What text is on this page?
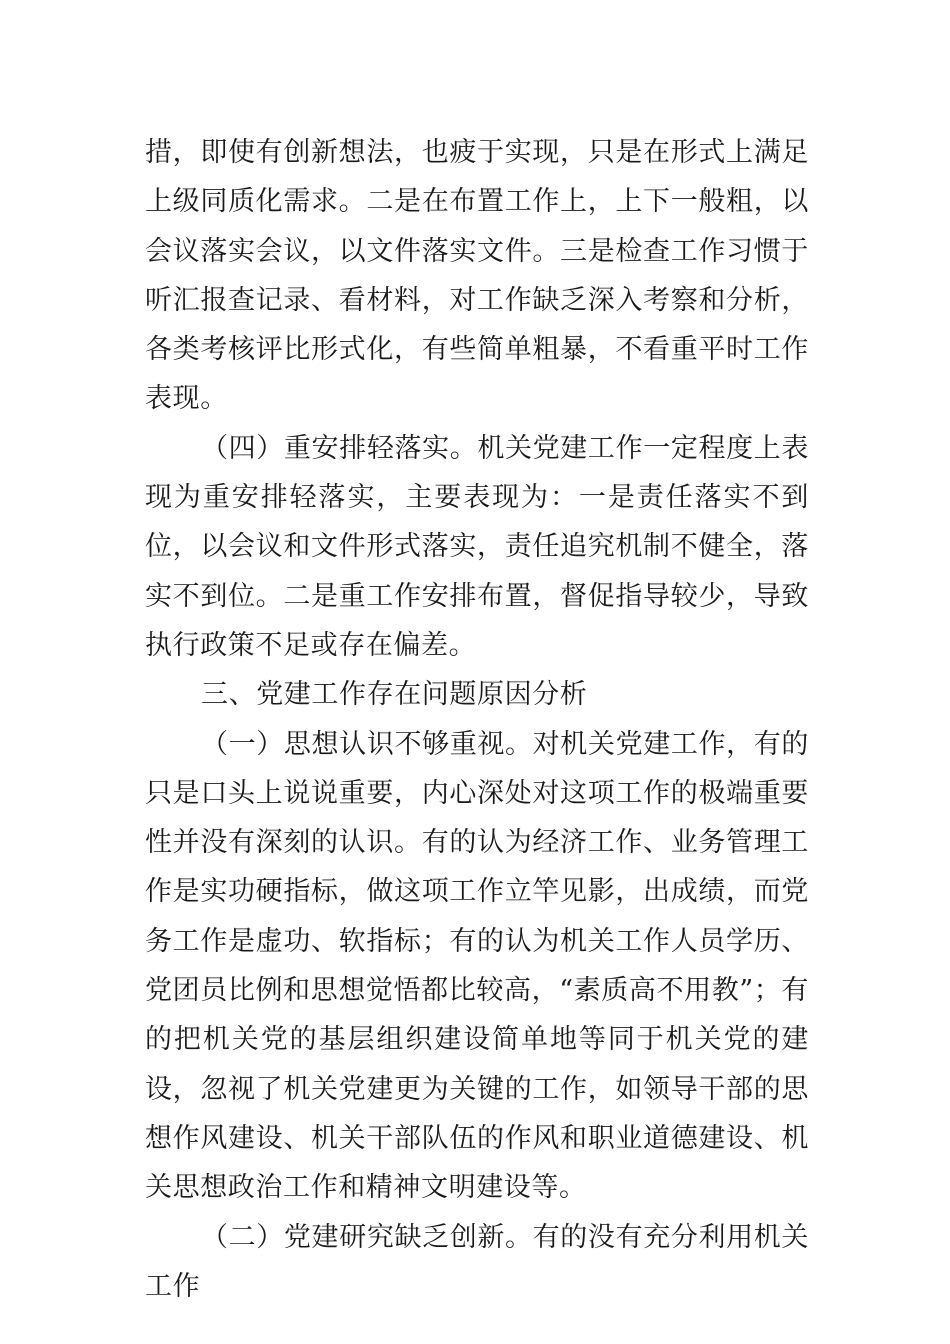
措，即使有创新想法，也疲于实现，只是在形式上满足上级同质化需求。二是在布置工作上，上下一般粗，以会议落实会议，以文件落实文件。三是检查工作习惯于听汇报查记录、看材料，对工作缺乏深入考察和分析，各类考核评比形式化，有些简单粗暴，不看重平时工作表现。

（四）重安排轻落实。机关党建工作一定程度上表现为重安排轻落实，主要表现为：一是责任落实不到位，以会议和文件形式落实，责任追究机制不健全，落实不到位。二是重工作安排布置，督促指导较少，导致执行政策不足或存在偏差。

三、党建工作存在问题原因分析

（一）思想认识不够重视。对机关党建工作，有的只是口头上说说重要，内心深处对这项工作的极端重要性并没有深刻的认识。有的认为经济工作、业务管理工作是实功硬指标，做这项工作立竿见影，出成绩，而党务工作是虚功、软指标；有的认为机关工作人员学历、党团员比例和思想觉悟都比较高，“素质高不用教”；有的把机关党的基层组织建设简单地等同于机关党的建设，忽视了机关党建更为关键的工作，如领导干部的思想作风建设、机关干部队伍的作风和职业道德建设、机关思想政治工作和精神文明建设等。

（二）党建研究缺乏创新。有的没有充分利用机关工作
